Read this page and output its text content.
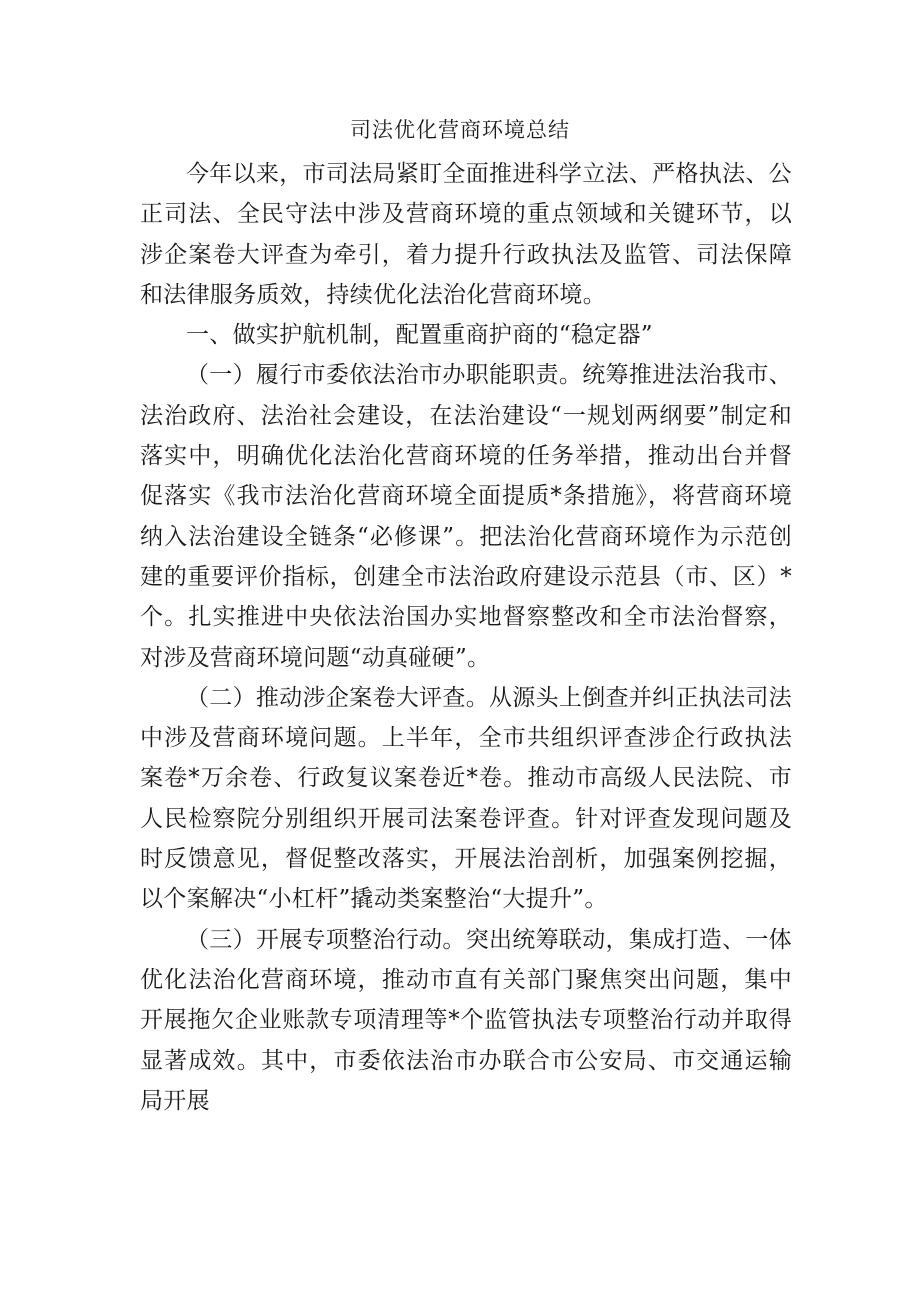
司法优化营商环境总结

今年以来，市司法局紧盯全面推进科学立法、严格执法、公正司法、全民守法中涉及营商环境的重点领域和关键环节，以涉企案卷大评查为牵引，着力提升行政执法及监管、司法保障和法律服务质效，持续优化法治化营商环境。

一、做实护航机制，配置重商护商的“稳定器”

（一）履行市委依法治市办职能职责。统筹推进法治我市、法治政府、法治社会建设，在法治建设“一规划两纲要”制定和落实中，明确优化法治化营商环境的任务举措，推动出台并督促落实《我市法治化营商环境全面提质*条措施》，将营商环境纳入法治建设全链条“必修课”。把法治化营商环境作为示范创建的重要评价指标，创建全市法治政府建设示范县（市、区）*个。扎实推进中央依法治国办实地督察整改和全市法治督察，对涉及营商环境问题“动真碰硬”。

（二）推动涉企案卷大评查。从源头上倒查并纠正执法司法中涉及营商环境问题。上半年，全市共组织评查涉企行政执法案卷*万余卷、行政复议案卷近*卷。推动市高级人民法院、市人民检察院分别组织开展司法案卷评查。针对评查发现问题及时反馈意见，督促整改落实，开展法治剖析，加强案例挖掘，以个案解决“小杠杆”撬动类案整治“大提升”。

（三）开展专项整治行动。突出统筹联动，集成打造、一体优化法治化营商环境，推动市直有关部门聚焦突出问题，集中开展拖欠企业账款专项清理等*个监管执法专项整治行动并取得显著成效。其中，市委依法治市办联合市公安局、市交通运输局开展
